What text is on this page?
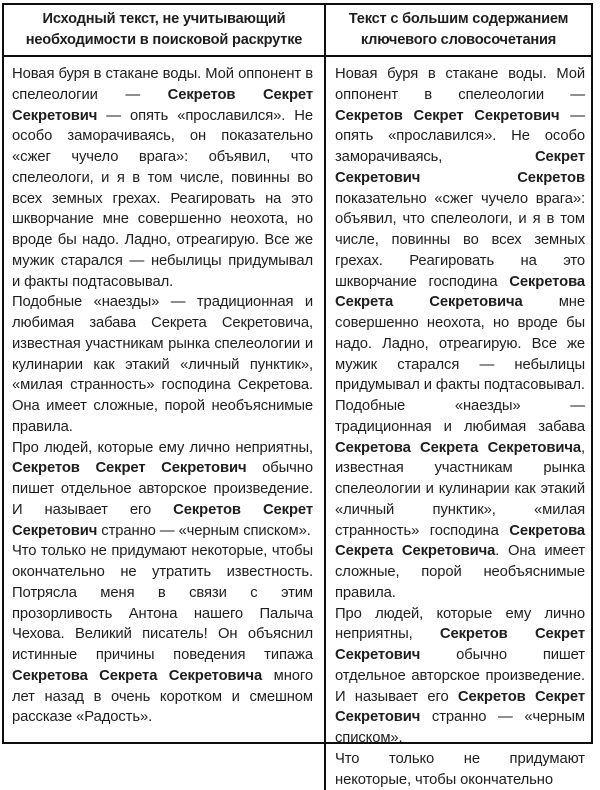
Исходный текст, не учитывающий
необходимости в поисковой раскрутке
Текст с большим содержанием
ключевого словосочетания

Новая буря в стакане воды. Мой оппонент в спелеологии — Секретов Секрет Секретович — опять «прославился». Не особо заморачиваясь, он показательно «сжег чучело врага»: объявил, что спелеологи, и я в том числе, повинны во всех земных грехах. Реагировать на это шкворчание мне совершенно неохота, но вроде бы надо. Ладно, отреагирую. Все же мужик старался — небылицы придумывал и факты подтасовывал.

Подобные «наезды» — традиционная и любимая забава Секрета Секретовича, известная участникам рынка спелеологии и кулинарии как этакий «личный пунктик», «милая странность» господина Секретова. Она имеет сложные, порой необъяснимые правила.

Про людей, которые ему лично неприятны, Секретов Секрет Секретович обычно пишет отдельное авторское произведение. И называет его Секретов Секрет Секретович странно — «черным списком».

Что только не придумают некоторые, чтобы окончательно не утратить известность. Потрясла меня в связи с этим прозорливость Антона нашего Палыча Чехова. Великий писатель! Он объяснил истинные причины поведения типажа Секретова Секрета Секретовича много лет назад в очень коротком и смешном рассказе «Радость».

Новая буря в стакане воды. Мой оппонент в спелеологии — Секретов Секрет Секретович — опять «прославился». Не особо заморачиваясь, Секрет Секретович Секретов показательно «сжег чучело врага»: объявил, что спелеологи, и я в том числе, повинны во всех земных грехах. Реагировать на это шкворчание господина Секретова Секрета Секретовича мне совершенно неохота, но вроде бы надо. Ладно, отреагирую. Все же мужик старался — небылицы придумывал и факты подтасовывал.

Подобные «наезды» — традиционная и любимая забава Секретова Секрета Секретовича, известная участникам рынка спелеологии и кулинарии как этакий «личный пунктик», «милая странность» господина Секретова Секрета Секретовича. Она имеет сложные, порой необъяснимые правила.

Про людей, которые ему лично неприятны, Секретов Секрет Секретович обычно пишет отдельное авторское произведение. И называет его Секретов Секрет Секретович странно — «черным списком».

Что только не придумают некоторые, чтобы окончательно
